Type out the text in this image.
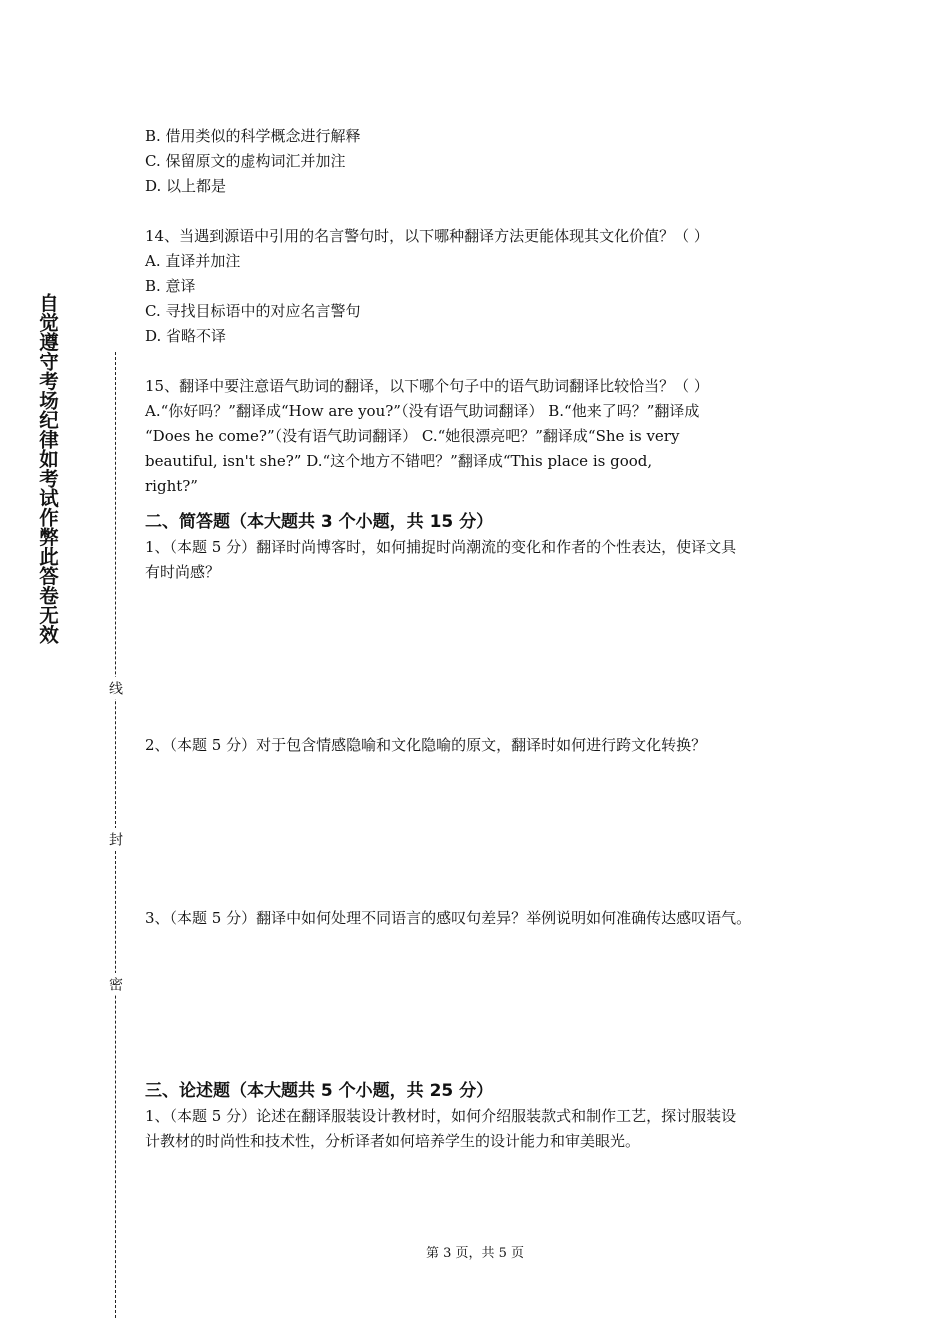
自觉遵守考场纪律如考试作弊此答卷无效
线
封
密
B. 借用类似的科学概念进行解释
C. 保留原文的虚构词汇并加注
D. 以上都是
14、当遇到源语中引用的名言警句时，以下哪种翻译方法更能体现其文化价值？（ ）
A. 直译并加注
B. 意译
C. 寻找目标语中的对应名言警句
D. 省略不译
15、翻译中要注意语气助词的翻译，以下哪个句子中的语气助词翻译比较恰当？（ ）
A.“你好吗？”翻译成“How are you?”（没有语气助词翻译） B.“他来了吗？”翻译成
“Does he come?”（没有语气助词翻译） C.“她很漂亮吧？”翻译成“She is very
beautiful, isn't she?” D.“这个地方不错吧？”翻译成“This place is good,
right?”
二、简答题（本大题共 3 个小题，共 15 分）
1、（本题 5 分）翻译时尚博客时，如何捕捉时尚潮流的变化和作者的个性表达，使译文具
有时尚感？
2、（本题 5 分）对于包含情感隐喻和文化隐喻的原文，翻译时如何进行跨文化转换？
3、（本题 5 分）翻译中如何处理不同语言的感叹句差异？举例说明如何准确传达感叹语气。
三、论述题（本大题共 5 个小题，共 25 分）
1、（本题 5 分）论述在翻译服装设计教材时，如何介绍服装款式和制作工艺，探讨服装设
计教材的时尚性和技术性，分析译者如何培养学生的设计能力和审美眼光。
第 3 页，共 5 页
